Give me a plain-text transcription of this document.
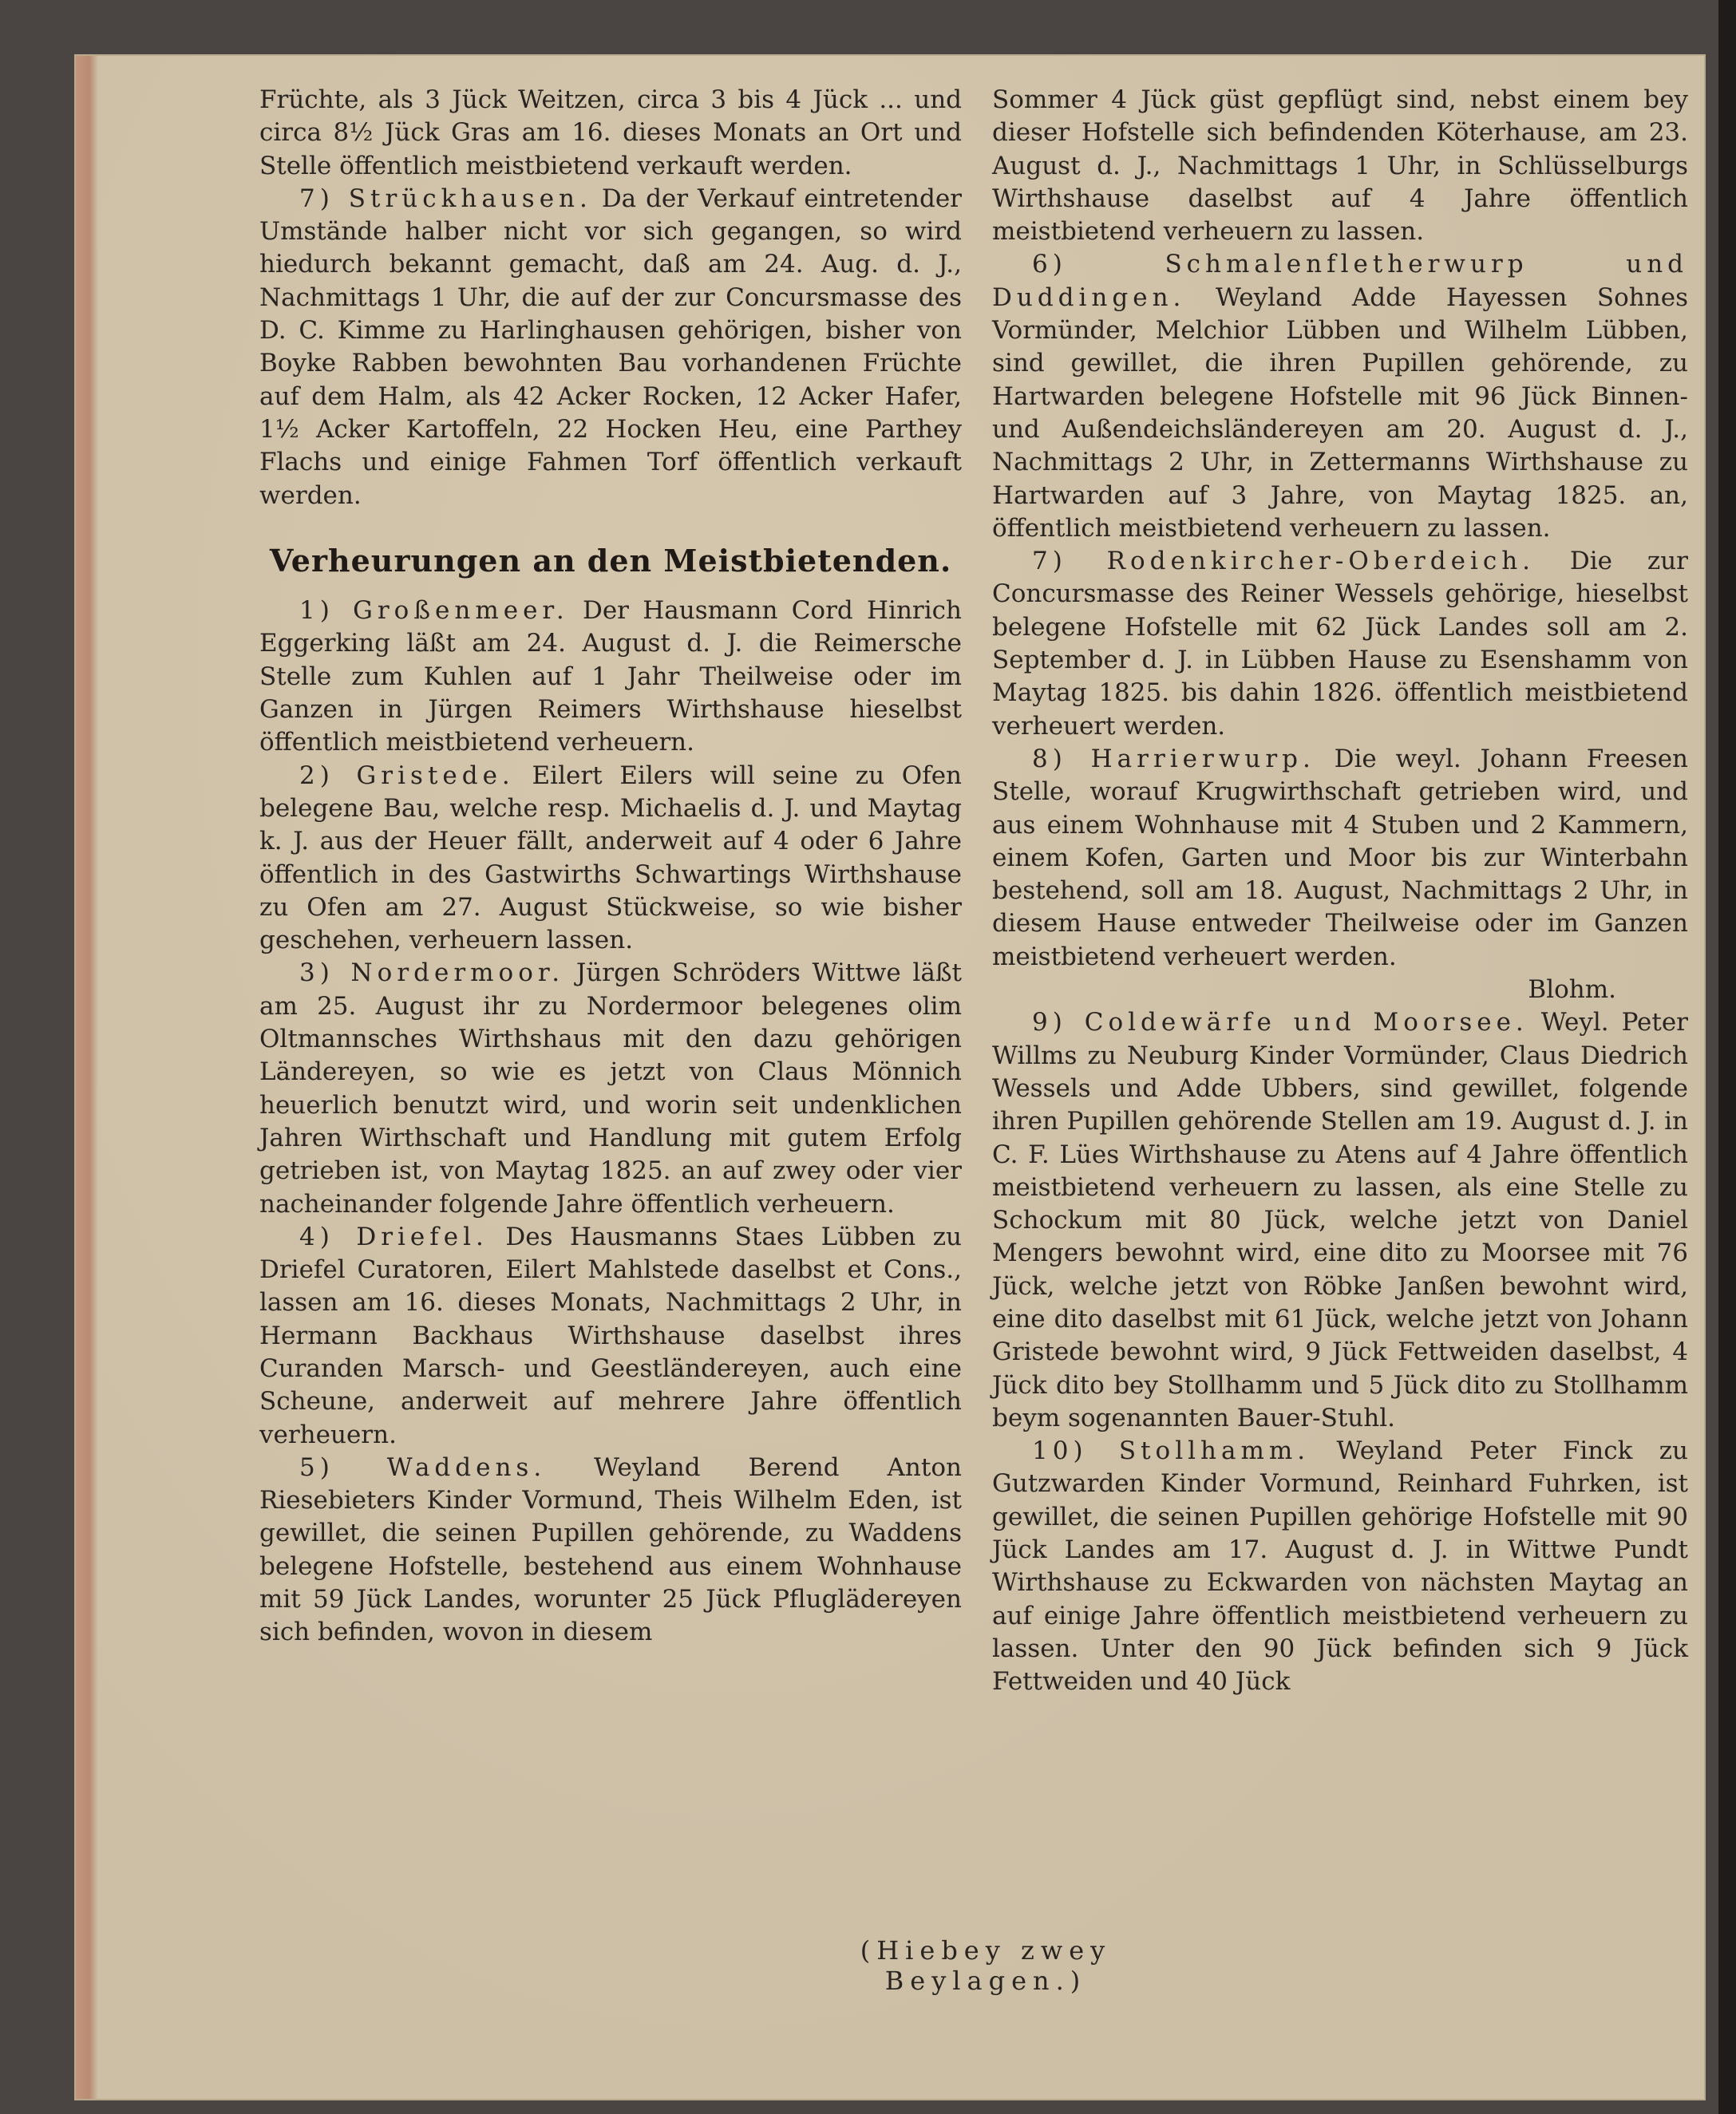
Früchte, als 3 Jück Weitzen, circa 3 bis 4 Jück ... und circa 8½ Jück Gras am 16. dieses Monats an Ort und Stelle öffentlich meistbietend verkauft werden.

7) Strückhausen. Da der Verkauf eintretender Umstände halber nicht vor sich gegangen, so wird hiedurch bekannt gemacht, daß am 24. Aug. d. J., Nachmittags 1 Uhr, die auf der zur Concursmasse des D. C. Kimme zu Harlinghausen gehörigen, bisher von Boyke Rabben bewohnten Bau vorhandenen Früchte auf dem Halm, als 42 Acker Rocken, 12 Acker Hafer, 1½ Acker Kartoffeln, 22 Hocken Heu, eine Parthey Flachs und einige Fahmen Torf öffentlich verkauft werden.

Verheurungen an den Meistbietenden.

1) Großenmeer. Der Hausmann Cord Hinrich Eggerking läßt am 24. August d. J. die Reimersche Stelle zum Kuhlen auf 1 Jahr Theilweise oder im Ganzen in Jürgen Reimers Wirthshause hieselbst öffentlich meistbietend verheuern.

2) Gristede. Eilert Eilers will seine zu Ofen belegene Bau, welche resp. Michaelis d. J. und Maytag k. J. aus der Heuer fällt, anderweit auf 4 oder 6 Jahre öffentlich in des Gastwirths Schwartings Wirthshause zu Ofen am 27. August Stückweise, so wie bisher geschehen, verheuern lassen.

3) Nordermoor. Jürgen Schröders Wittwe läßt am 25. August ihr zu Nordermoor belegenes olim Oltmannsches Wirthshaus mit den dazu gehörigen Ländereyen, so wie es jetzt von Claus Mönnich heuerlich benutzt wird, und worin seit undenklichen Jahren Wirthschaft und Handlung mit gutem Erfolg getrieben ist, von Maytag 1825. an auf zwey oder vier nacheinander folgende Jahre öffentlich verheuern.

4) Driefel. Des Hausmanns Staes Lübben zu Driefel Curatoren, Eilert Mahlstede daselbst et Cons., lassen am 16. dieses Monats, Nachmittags 2 Uhr, in Hermann Backhaus Wirthshause daselbst ihres Curanden Marsch- und Geestländereyen, auch eine Scheune, anderweit auf mehrere Jahre öffentlich verheuern.

5) Waddens. Weyland Berend Anton Riesebieters Kinder Vormund, Theis Wilhelm Eden, ist gewillet, die seinen Pupillen gehörende, zu Waddens belegene Hofstelle, bestehend aus einem Wohnhause mit 59 Jück Landes, worunter 25 Jück Pfluglädereyen sich befinden, wovon in diesem

Sommer 4 Jück güst gepflügt sind, nebst einem bey dieser Hofstelle sich befindenden Köterhause, am 23. August d. J., Nachmittags 1 Uhr, in Schlüsselburgs Wirthshause daselbst auf 4 Jahre öffentlich meistbietend verheuern zu lassen.

6) Schmalenfletherwurp und Duddingen. Weyland Adde Hayessen Sohnes Vormünder, Melchior Lübben und Wilhelm Lübben, sind gewillet, die ihren Pupillen gehörende, zu Hartwarden belegene Hofstelle mit 96 Jück Binnen- und Außendeichsländereyen am 20. August d. J., Nachmittags 2 Uhr, in Zettermanns Wirthshause zu Hartwarden auf 3 Jahre, von Maytag 1825. an, öffentlich meistbietend verheuern zu lassen.

7) Rodenkircher-Oberdeich. Die zur Concursmasse des Reiner Wessels gehörige, hieselbst belegene Hofstelle mit 62 Jück Landes soll am 2. September d. J. in Lübben Hause zu Esenshamm von Maytag 1825. bis dahin 1826. öffentlich meistbietend verheuert werden.

8) Harrierwurp. Die weyl. Johann Freesen Stelle, worauf Krugwirthschaft getrieben wird, und aus einem Wohnhause mit 4 Stuben und 2 Kammern, einem Kofen, Garten und Moor bis zur Winterbahn bestehend, soll am 18. August, Nachmittags 2 Uhr, in diesem Hause entweder Theilweise oder im Ganzen meistbietend verheuert werden.

Blohm.

9) Coldewärfe und Moorsee. Weyl. Peter Willms zu Neuburg Kinder Vormünder, Claus Diedrich Wessels und Adde Ubbers, sind gewillet, folgende ihren Pupillen gehörende Stellen am 19. August d. J. in C. F. Lües Wirthshause zu Atens auf 4 Jahre öffentlich meistbietend verheuern zu lassen, als eine Stelle zu Schockum mit 80 Jück, welche jetzt von Daniel Mengers bewohnt wird, eine dito zu Moorsee mit 76 Jück, welche jetzt von Röbke Janßen bewohnt wird, eine dito daselbst mit 61 Jück, welche jetzt von Johann Gristede bewohnt wird, 9 Jück Fettweiden daselbst, 4 Jück dito bey Stollhamm und 5 Jück dito zu Stollhamm beym sogenannten Bauer-Stuhl.

10) Stollhamm. Weyland Peter Finck zu Gutzwarden Kinder Vormund, Reinhard Fuhrken, ist gewillet, die seinen Pupillen gehörige Hofstelle mit 90 Jück Landes am 17. August d. J. in Wittwe Pundt Wirthshause zu Eckwarden von nächsten Maytag an auf einige Jahre öffentlich meistbietend verheuern zu lassen. Unter den 90 Jück befinden sich 9 Jück Fettweiden und 40 Jück

(Hiebey zwey Beylagen.)
